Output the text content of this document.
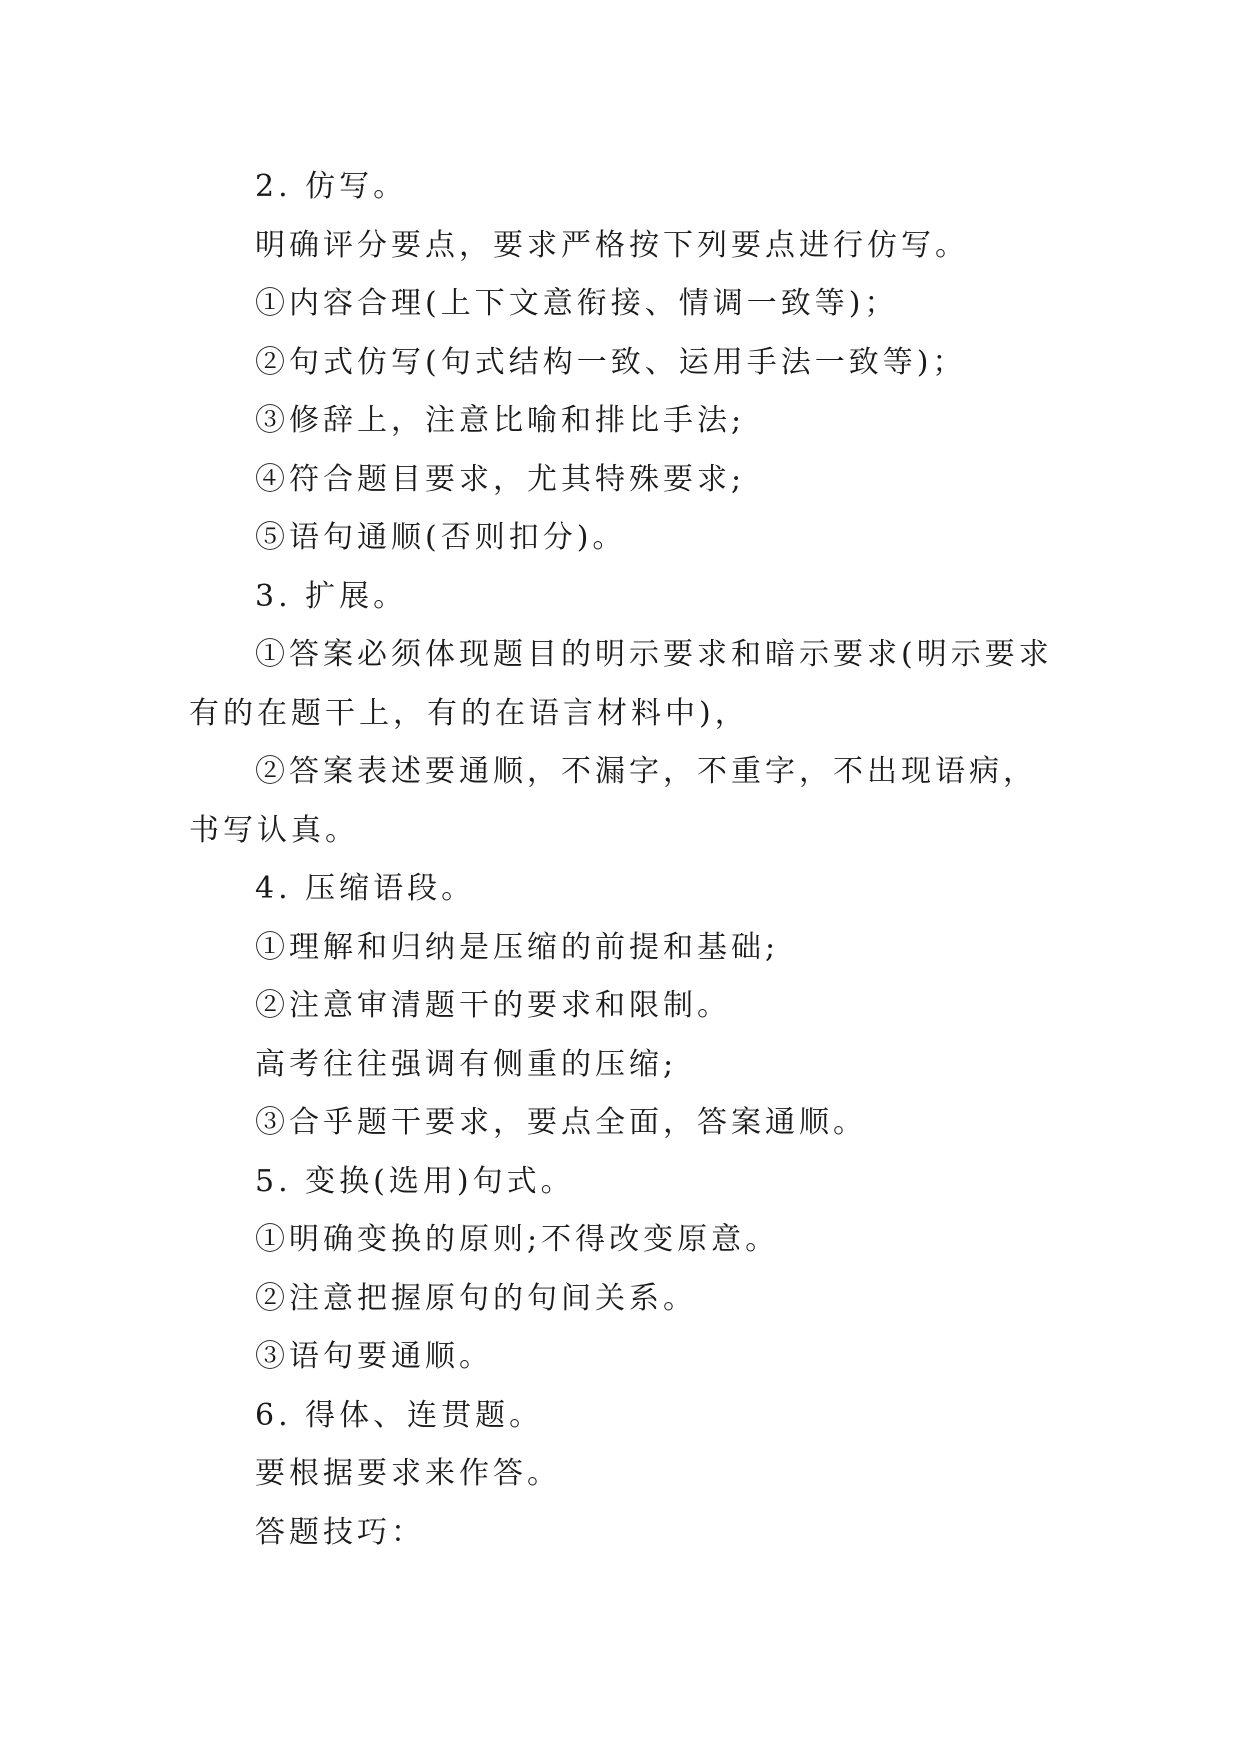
2. 仿写。

明确评分要点，要求严格按下列要点进行仿写。

①内容合理(上下文意衔接、情调一致等)；

②句式仿写(句式结构一致、运用手法一致等)；

③修辞上，注意比喻和排比手法;

④符合题目要求，尤其特殊要求;

⑤语句通顺(否则扣分)。

3. 扩展。

①答案必须体现题目的明示要求和暗示要求(明示要求有的在题干上，有的在语言材料中)，

②答案表述要通顺，不漏字，不重字，不出现语病，书写认真。

4. 压缩语段。

①理解和归纳是压缩的前提和基础;

②注意审清题干的要求和限制。

高考往往强调有侧重的压缩;

③合乎题干要求，要点全面，答案通顺。

5. 变换(选用)句式。

①明确变换的原则;不得改变原意。

②注意把握原句的句间关系。

③语句要通顺。

6. 得体、连贯题。

要根据要求来作答。

答题技巧：
